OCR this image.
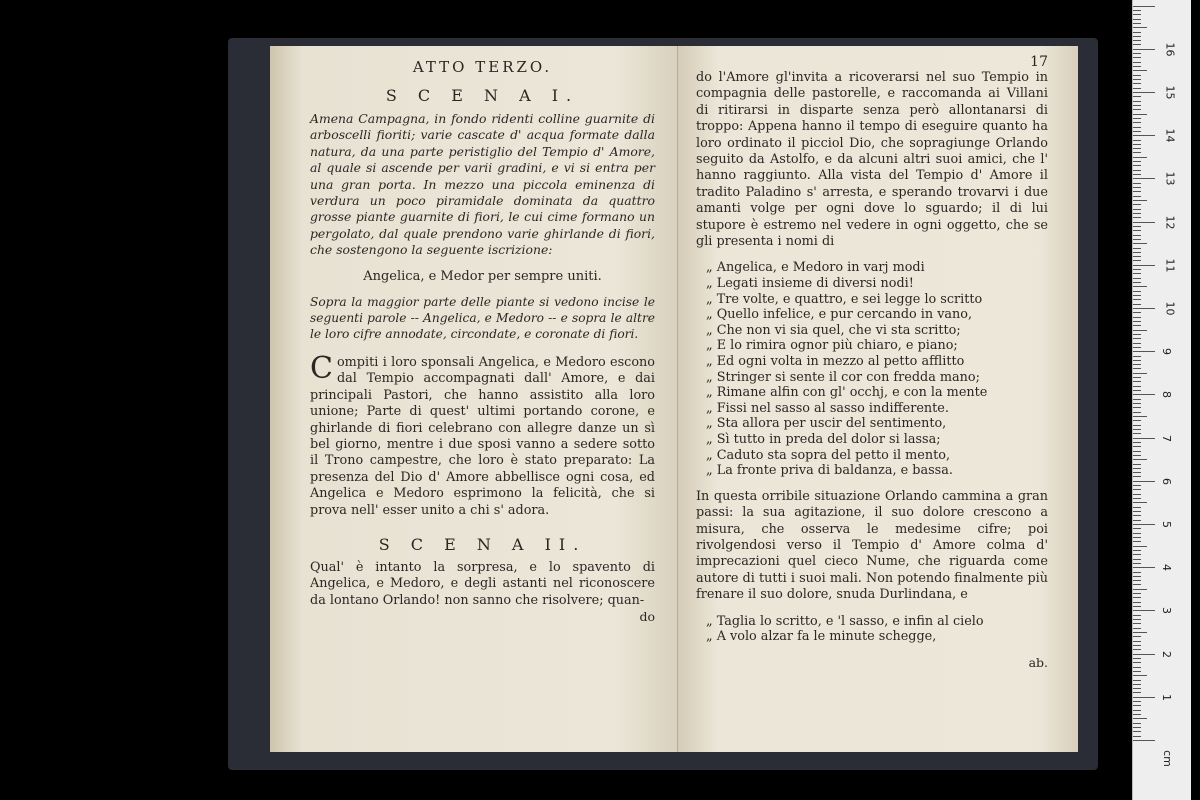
ATTO TERZO.
S C E N A I.

Amena Campagna, in fondo ridenti colline guarnite di arboscelli fioriti; varie cascate d' acqua formate dalla natura, da una parte peristiglio del Tempio d' Amore, al quale si ascende per varii gradini, e vi si entra per una gran porta. In mezzo una piccola eminenza di verdura un poco piramidale dominata da quattro grosse piante guarnite di fiori, le cui cime formano un pergolato, dal quale prendono varie ghirlande di fiori, che sostengono la seguente iscrizione:

Angelica, e Medor per sempre uniti.

Sopra la maggior parte delle piante si vedono incise le seguenti parole -- Angelica, e Medoro -- e sopra le altre le loro cifre annodate, circondate, e coronate di fiori.

Compiti i loro sponsali Angelica, e Medoro escono dal Tempio accompagnati dall' Amore, e dai principali Pastori, che hanno assistito alla loro unione; Parte di quest' ultimi portando corone, e ghirlande di fiori celebrano con allegre danze un sì bel giorno, mentre i due sposi vanno a sedere sotto il Trono campestre, che loro è stato preparato: La presenza del Dio d' Amore abbellisce ogni cosa, ed Angelica e Medoro esprimono la felicità, che si prova nell' esser unito a chi s' adora.

S C E N A II.

Qual' è intanto la sorpresa, e lo spavento di Angelica, e Medoro, e degli astanti nel riconoscere da lontano Orlando! non sanno che risolvere; quan-

do
17

do l'Amore gl'invita a ricoverarsi nel suo Tempio in compagnia delle pastorelle, e raccomanda ai Villani di ritirarsi in disparte senza però allontanarsi di troppo: Appena hanno il tempo di eseguire quanto ha loro ordinato il picciol Dio, che sopragiunge Orlando seguito da Astolfo, e da alcuni altri suoi amici, che l' hanno raggiunto. Alla vista del Tempio d' Amore il tradito Paladino s' arresta, e sperando trovarvi i due amanti volge per ogni dove lo sguardo; il di lui stupore è estremo nel vedere in ogni oggetto, che se gli presenta i nomi di

„ Angelica, e Medoro in varj modi
„ Legati insieme di diversi nodi!
„ Tre volte, e quattro, e sei legge lo scritto
„ Quello infelice, e pur cercando in vano,
„ Che non vi sia quel, che vi sta scritto;
„ E lo rimira ognor più chiaro, e piano;
„ Ed ogni volta in mezzo al petto afflitto
„ Stringer si sente il cor con fredda mano;
„ Rimane alfin con gl' occhj, e con la mente
„ Fissi nel sasso al sasso indifferente.
„ Sta allora per uscir del sentimento,
„ Sì tutto in preda del dolor si lassa;
„ Caduto sta sopra del petto il mento,
„ La fronte priva di baldanza, e bassa.

In questa orribile situazione Orlando cammina a gran passi: la sua agitazione, il suo dolore crescono a misura, che osserva le medesime cifre; poi rivolgendosi verso il Tempio d' Amore colma d' imprecazioni quel cieco Nume, che riguarda come autore di tutti i suoi mali. Non potendo finalmente più frenare il suo dolore, snuda Durlindana, e

„ Taglia lo scritto, e 'l sasso, e infin al cielo
„ A volo alzar fa le minute schegge,
ab.
1
2
3
4
5
6
7
8
9
10
11
12
13
14
15
16
cm
